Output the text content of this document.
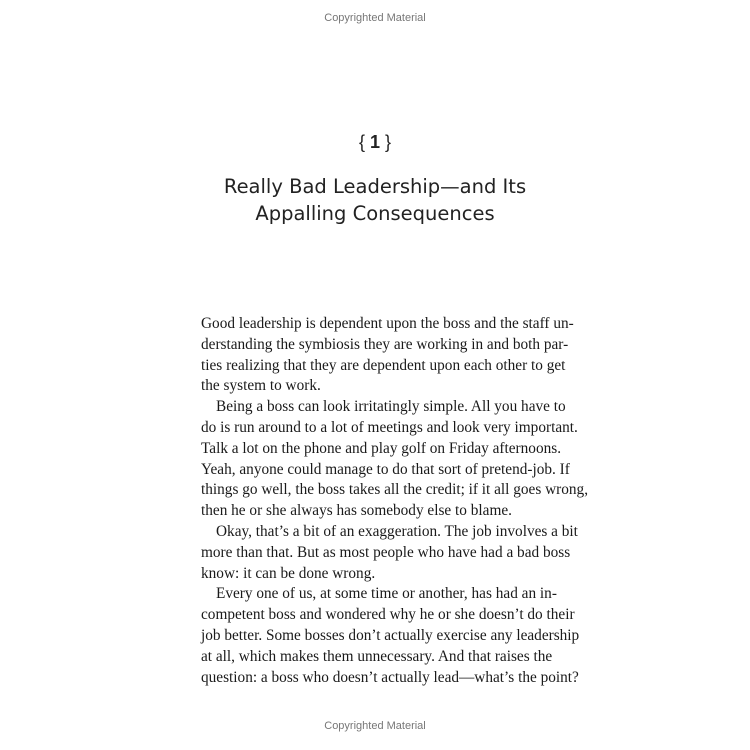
Copyrighted Material
{ 1 }
Really Bad Leadership—and Its
Appalling Consequences
Good leadership is dependent upon the boss and the staff un-
derstanding the symbiosis they are working in and both par-
ties realizing that they are dependent upon each other to get
the system to work.
Being a boss can look irritatingly simple. All you have to
do is run around to a lot of meetings and look very important.
Talk a lot on the phone and play golf on Friday afternoons.
Yeah, anyone could manage to do that sort of pretend-job. If
things go well, the boss takes all the credit; if it all goes wrong,
then he or she always has somebody else to blame.
Okay, that’s a bit of an exaggeration. The job involves a bit
more than that. But as most people who have had a bad boss
know: it can be done wrong.
Every one of us, at some time or another, has had an in-
competent boss and wondered why he or she doesn’t do their
job better. Some bosses don’t actually exercise any leadership
at all, which makes them unnecessary. And that raises the
question: a boss who doesn’t actually lead—what’s the point?
Copyrighted Material
